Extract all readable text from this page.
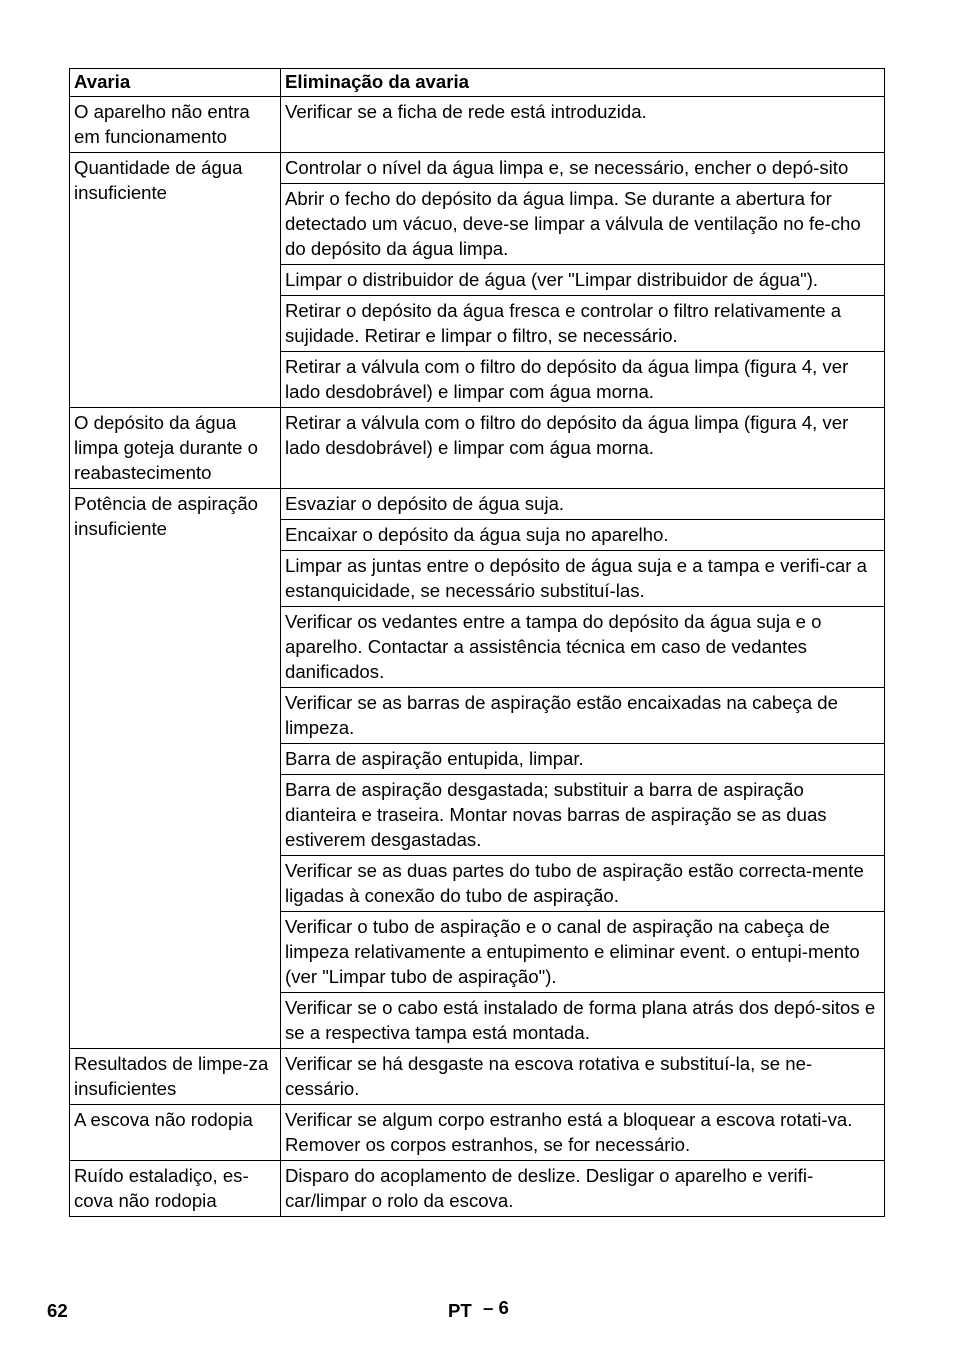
Avaria	Eliminação da avaria
O aparelho não entra em funcionamento	Verificar se a ficha de rede está introduzida.
Quantidade de água insuficiente	Controlar o nível da água limpa e, se necessário, encher o depó-sito
	Abrir o fecho do depósito da água limpa. Se durante a abertura for detectado um vácuo, deve-se limpar a válvula de ventilação no fe-cho do depósito da água limpa.
	Limpar o distribuidor de água (ver "Limpar distribuidor de água").
	Retirar o depósito da água fresca e controlar o filtro relativamente a sujidade. Retirar e limpar o filtro, se necessário.
	Retirar a válvula com o filtro do depósito da água limpa (figura 4, ver lado desdobrável) e limpar com água morna.
O depósito da água limpa goteja durante o reabastecimento	Retirar a válvula com o filtro do depósito da água limpa (figura 4, ver lado desdobrável) e limpar com água morna.
Potência de aspiração insuficiente	Esvaziar o depósito de água suja.
	Encaixar o depósito da água suja no aparelho.
	Limpar as juntas entre o depósito de água suja e a tampa e verifi-car a estanquicidade, se necessário substituí-las.
	Verificar os vedantes entre a tampa do depósito da água suja e o aparelho. Contactar a assistência técnica em caso de vedantes danificados.
	Verificar se as barras de aspiração estão encaixadas na cabeça de limpeza.
	Barra de aspiração entupida, limpar.
	Barra de aspiração desgastada; substituir a barra de aspiração dianteira e traseira. Montar novas barras de aspiração se as duas estiverem desgastadas.
	Verificar se as duas partes do tubo de aspiração estão correcta-mente ligadas à conexão do tubo de aspiração.
	Verificar o tubo de aspiração e o canal de aspiração na cabeça de limpeza relativamente a entupimento e eliminar event. o entupi-mento (ver "Limpar tubo de aspiração").
	Verificar se o cabo está instalado de forma plana atrás dos depó-sitos e se a respectiva tampa está montada.
Resultados de limpe-za insuficientes	Verificar se há desgaste na escova rotativa e substituí-la, se ne-cessário.
A escova não rodopia	Verificar se algum corpo estranho está a bloquear a escova rotati-va. Remover os corpos estranhos, se for necessário.
Ruído estaladiço, es-cova não rodopia	Disparo do acoplamento de deslize. Desligar o aparelho e verifi-car/limpar o rolo da escova.
62	PT – 6
